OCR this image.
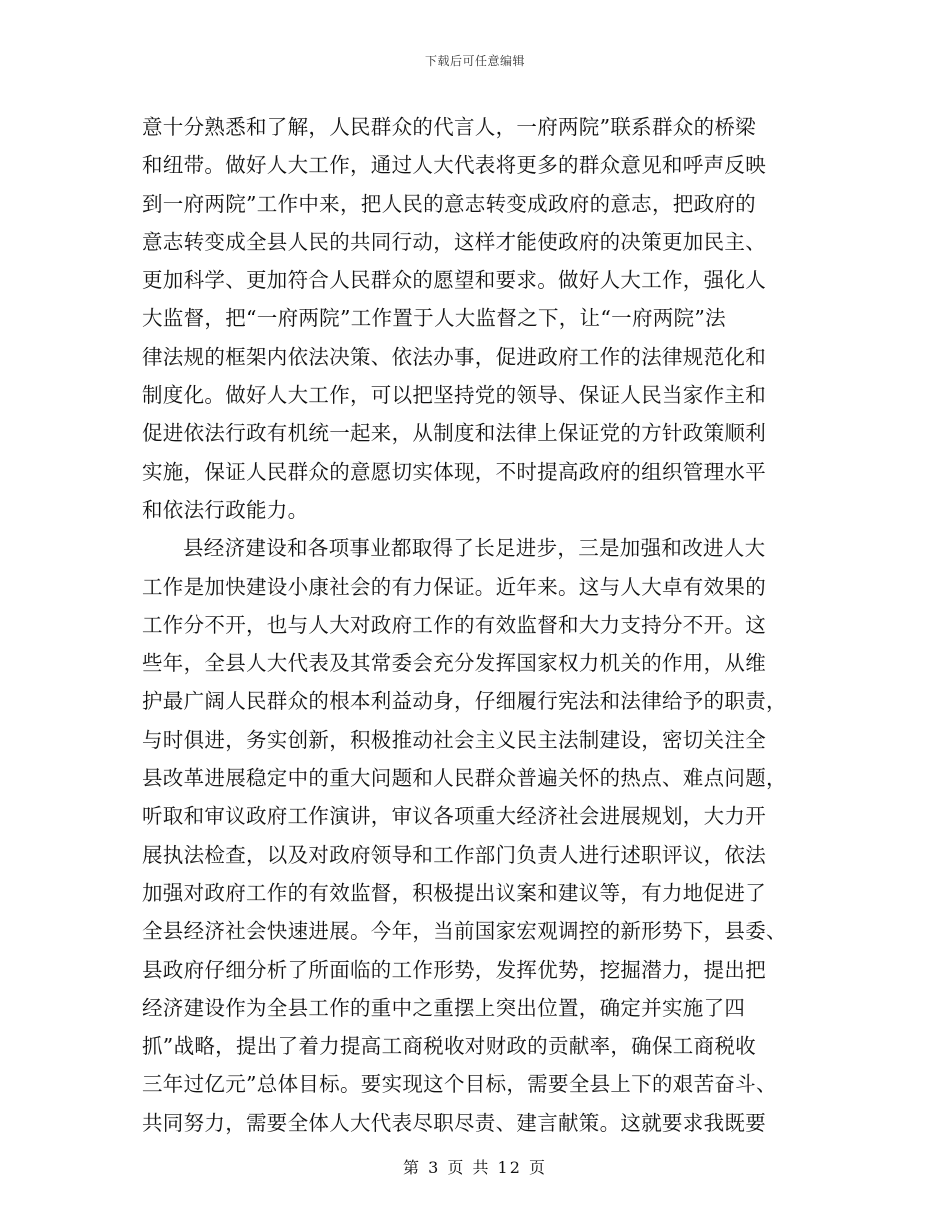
下载后可任意编辑
意十分熟悉和了解，人民群众的代言人，一府两院”联系群众的桥梁
和纽带。做好人大工作，通过人大代表将更多的群众意见和呼声反映
到一府两院”工作中来，把人民的意志转变成政府的意志，把政府的
意志转变成全县人民的共同行动，这样才能使政府的决策更加民主、
更加科学、更加符合人民群众的愿望和要求。做好人大工作，强化人
大监督，把“一府两院”工作置于人大监督之下，让“一府两院”法
律法规的框架内依法决策、依法办事，促进政府工作的法律规范化和
制度化。做好人大工作，可以把坚持党的领导、保证人民当家作主和
促进依法行政有机统一起来，从制度和法律上保证党的方针政策顺利
实施，保证人民群众的意愿切实体现，不时提高政府的组织管理水平
和依法行政能力。
县经济建设和各项事业都取得了长足进步，三是加强和改进人大
工作是加快建设小康社会的有力保证。近年来。这与人大卓有效果的
工作分不开，也与人大对政府工作的有效监督和大力支持分不开。这
些年，全县人大代表及其常委会充分发挥国家权力机关的作用，从维
护最广阔人民群众的根本利益动身，仔细履行宪法和法律给予的职责，
与时俱进，务实创新，积极推动社会主义民主法制建设，密切关注全
县改革进展稳定中的重大问题和人民群众普遍关怀的热点、难点问题，
听取和审议政府工作演讲，审议各项重大经济社会进展规划，大力开
展执法检查，以及对政府领导和工作部门负责人进行述职评议，依法
加强对政府工作的有效监督，积极提出议案和建议等，有力地促进了
全县经济社会快速进展。今年，当前国家宏观调控的新形势下，县委、
县政府仔细分析了所面临的工作形势，发挥优势，挖掘潜力，提出把
经济建设作为全县工作的重中之重摆上突出位置，确定并实施了四
抓”战略，提出了着力提高工商税收对财政的贡献率，确保工商税收
三年过亿元”总体目标。要实现这个目标，需要全县上下的艰苦奋斗、
共同努力，需要全体人大代表尽职尽责、建言献策。这就要求我既要
第 3 页 共 12 页
